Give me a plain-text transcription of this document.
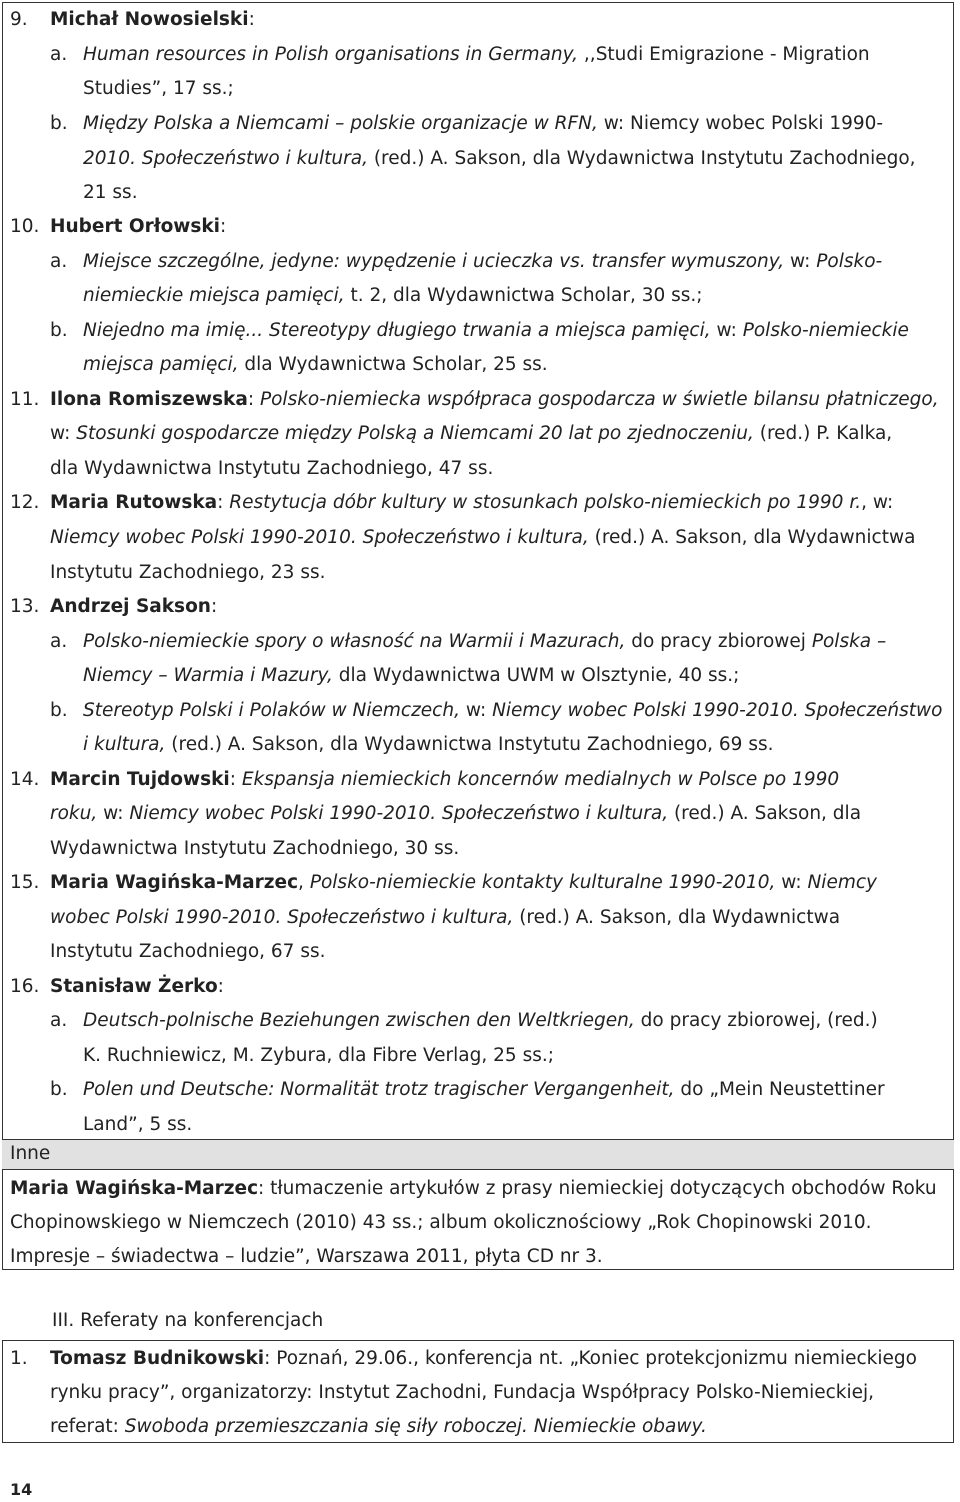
9. Michał Nowosielski:
a. Human resources in Polish organisations in Germany, ,,Studi Emigrazione - Migration
Studies”, 17 ss.;
b. Między Polska a Niemcami – polskie organizacje w RFN, w: Niemcy wobec Polski 1990-
2010. Społeczeństwo i kultura, (red.) A. Sakson, dla Wydawnictwa Instytutu Zachodniego,
21 ss.
10. Hubert Orłowski:
a. Miejsce szczególne, jedyne: wypędzenie i ucieczka vs. transfer wymuszony, w: Polsko-
niemieckie miejsca pamięci, t. 2, dla Wydawnictwa Scholar, 30 ss.;
b. Niejedno ma imię... Stereotypy długiego trwania a miejsca pamięci, w: Polsko-niemieckie
miejsca pamięci, dla Wydawnictwa Scholar, 25 ss.
11. Ilona Romiszewska: Polsko-niemiecka współpraca gospodarcza w świetle bilansu płatniczego,
w: Stosunki gospodarcze między Polską a Niemcami 20 lat po zjednoczeniu, (red.) P. Kalka,
dla Wydawnictwa Instytutu Zachodniego, 47 ss.
12. Maria Rutowska: Restytucja dóbr kultury w stosunkach polsko-niemieckich po 1990 r., w:
Niemcy wobec Polski 1990-2010. Społeczeństwo i kultura, (red.) A. Sakson, dla Wydawnictwa
Instytutu Zachodniego, 23 ss.
13. Andrzej Sakson:
a. Polsko-niemieckie spory o własność na Warmii i Mazurach, do pracy zbiorowej Polska –
Niemcy – Warmia i Mazury, dla Wydawnictwa UWM w Olsztynie, 40 ss.;
b. Stereotyp Polski i Polaków w Niemczech, w: Niemcy wobec Polski 1990-2010. Społeczeństwo
i kultura, (red.) A. Sakson, dla Wydawnictwa Instytutu Zachodniego, 69 ss.
14. Marcin Tujdowski: Ekspansja niemieckich koncernów medialnych w Polsce po 1990
roku, w: Niemcy wobec Polski 1990-2010. Społeczeństwo i kultura, (red.) A. Sakson, dla
Wydawnictwa Instytutu Zachodniego, 30 ss.
15. Maria Wagińska-Marzec, Polsko-niemieckie kontakty kulturalne 1990-2010, w: Niemcy
wobec Polski 1990-2010. Społeczeństwo i kultura, (red.) A. Sakson, dla Wydawnictwa
Instytutu Zachodniego, 67 ss.
16. Stanisław Żerko:
a. Deutsch-polnische Beziehungen zwischen den Weltkriegen, do pracy zbiorowej, (red.)
K. Ruchniewicz, M. Zybura, dla Fibre Verlag, 25 ss.;
b. Polen und Deutsche: Normalität trotz tragischer Vergangenheit, do „Mein Neustettiner
Land”, 5 ss.
Inne
Maria Wagińska-Marzec: tłumaczenie artykułów z prasy niemieckiej dotyczących obchodów Roku
Chopinowskiego w Niemczech (2010) 43 ss.; album okolicznościowy „Rok Chopinowski 2010.
Impresje – świadectwa – ludzie”, Warszawa 2011, płyta CD nr 3.
III. Referaty na konferencjach
1. Tomasz Budnikowski: Poznań, 29.06., konferencja nt. „Koniec protekcjonizmu niemieckiego
rynku pracy”, organizatorzy: Instytut Zachodni, Fundacja Współpracy Polsko-Niemieckiej,
referat: Swoboda przemieszczania się siły roboczej. Niemieckie obawy.
14
